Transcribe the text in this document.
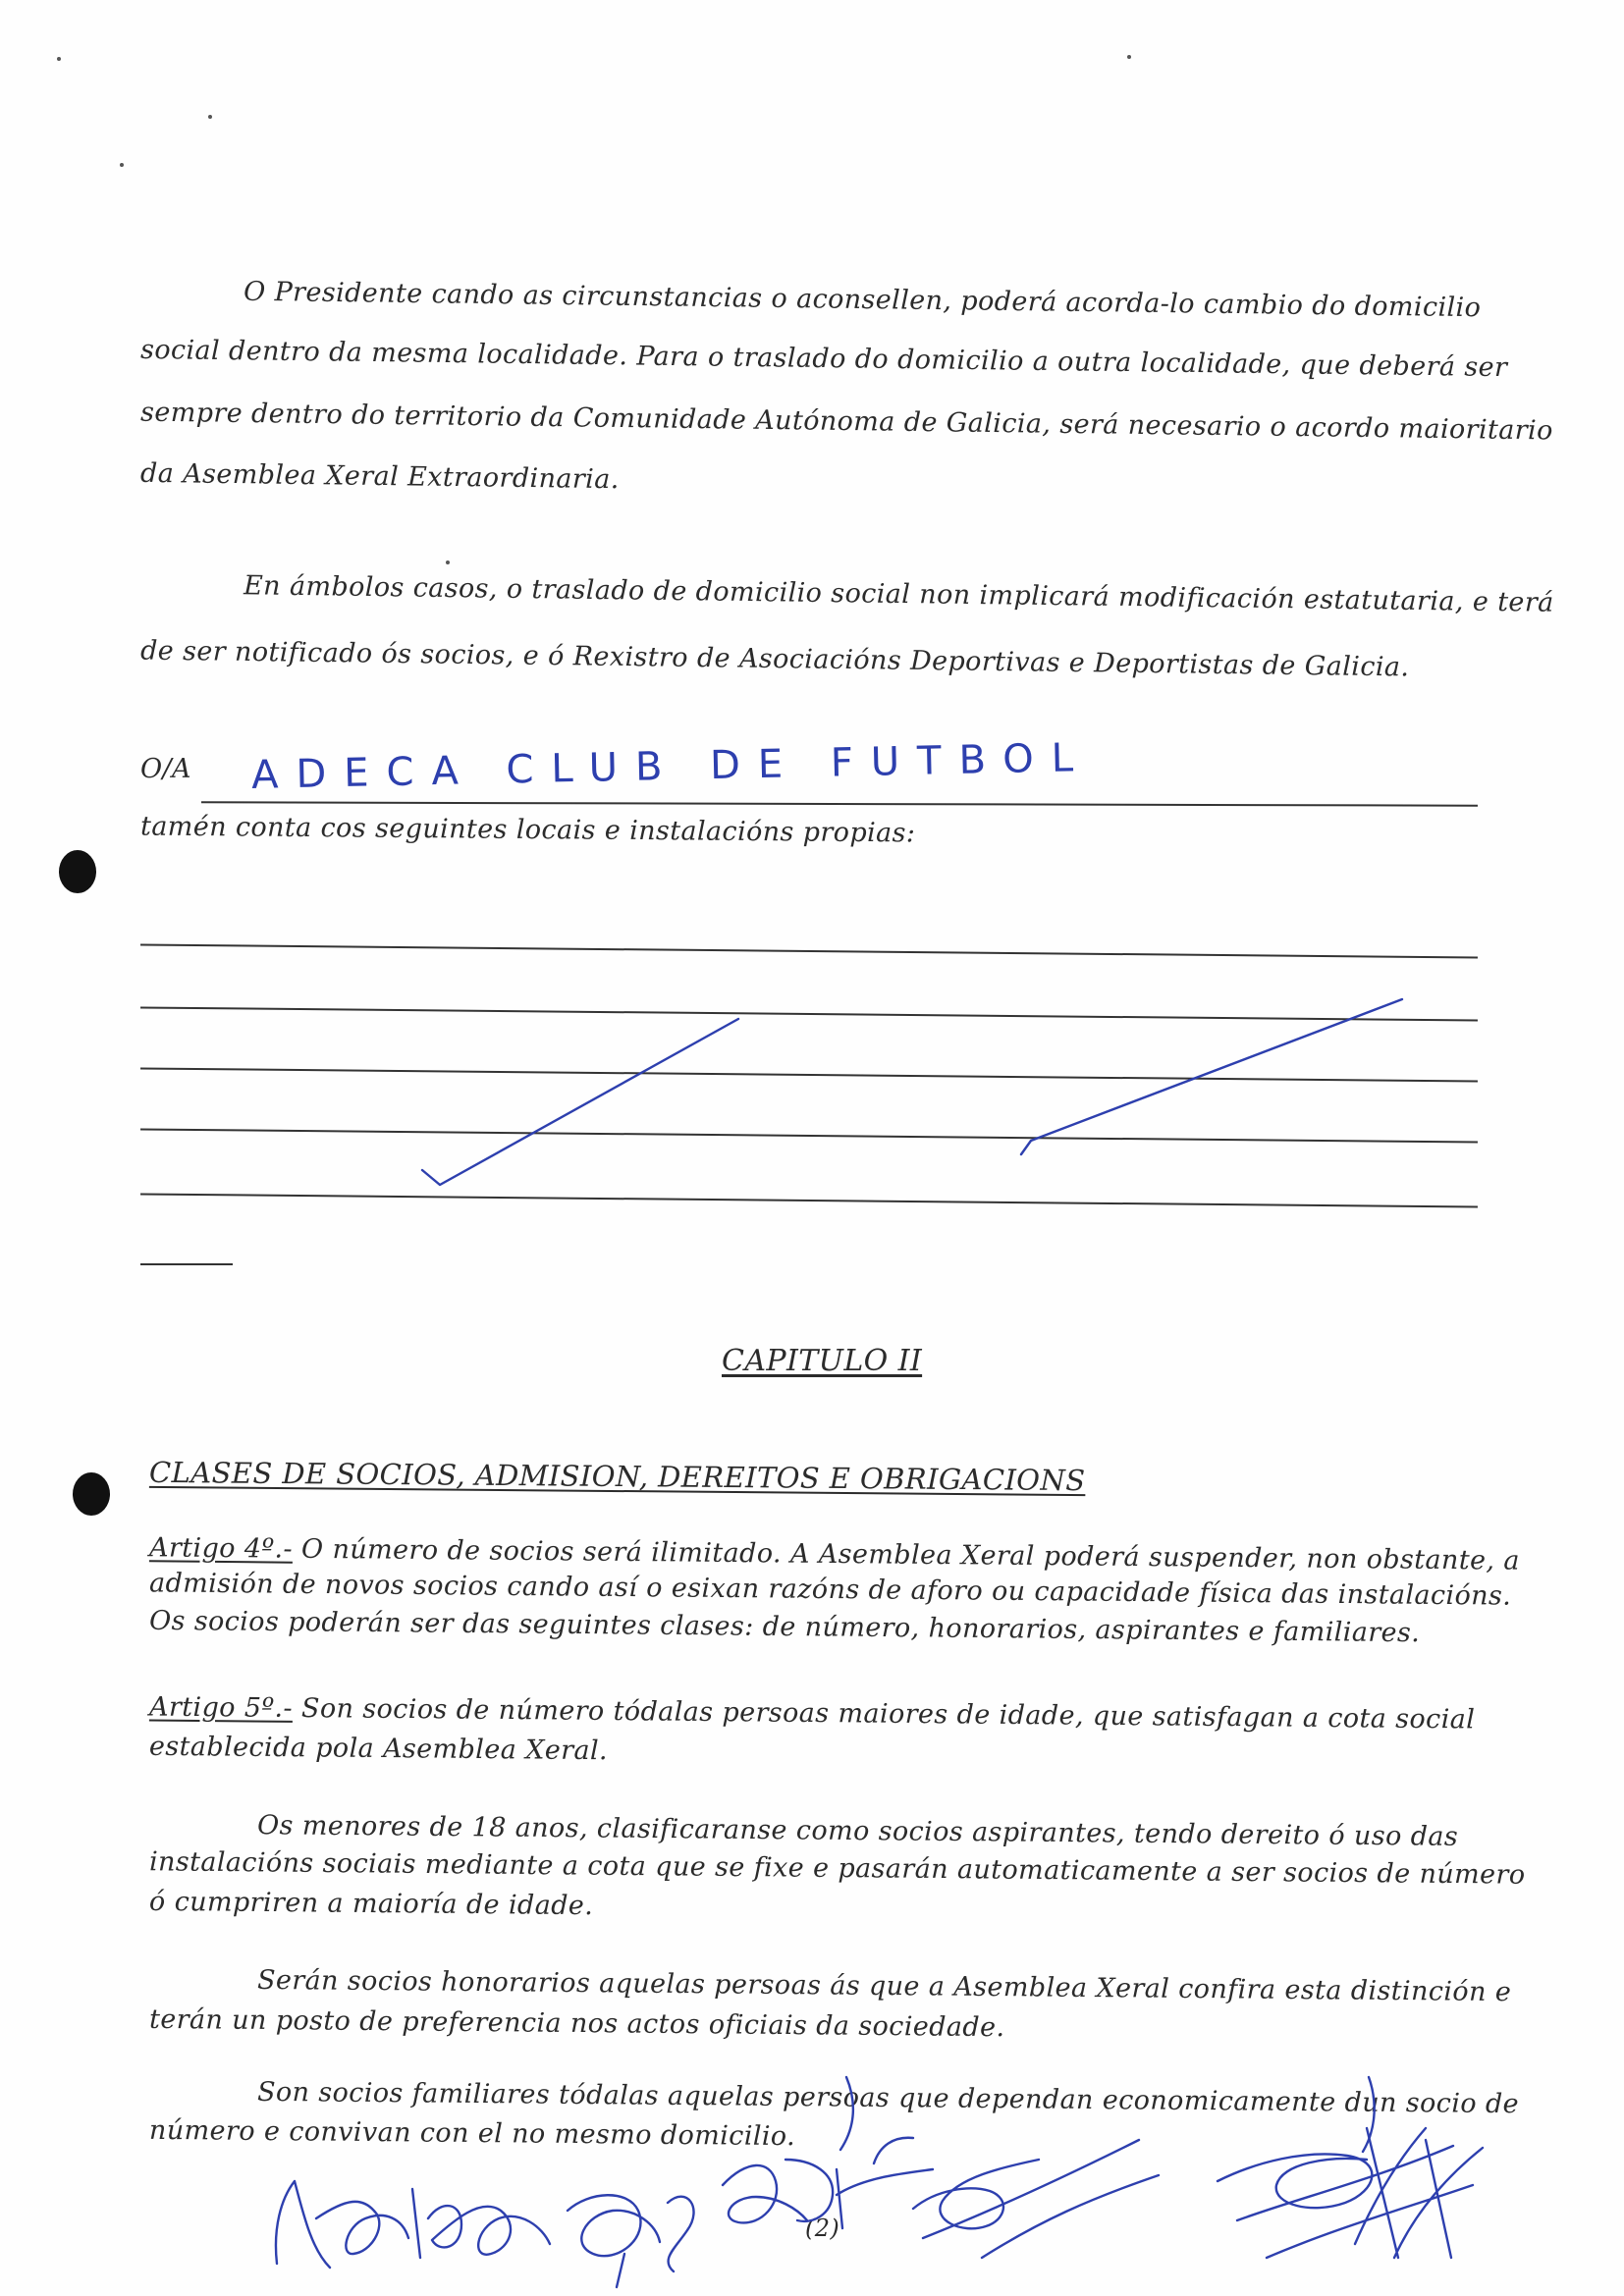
O Presidente cando as circunstancias o aconsellen, poderá acorda-lo cambio do domicilio
social dentro da mesma localidade. Para o traslado do domicilio a outra localidade, que deberá ser
sempre dentro do territorio da Comunidade Autónoma de Galicia, será necesario o acordo maioritario
da Asemblea Xeral Extraordinaria.
En ámbolos casos, o traslado de domicilio social non implicará modificación estatutaria, e terá
de ser notificado ós socios, e ó Rexistro de Asociacións Deportivas e Deportistas de Galicia.
O/A ADECA CLUB DE FUTBOL
tamén conta cos seguintes locais e instalacións propias:
CAPITULO II
CLASES DE SOCIOS, ADMISION, DEREITOS E OBRIGACIONS
Artigo 4º.- O número de socios será ilimitado. A Asemblea Xeral poderá suspender, non obstante, a
admisión de novos socios cando así o esixan razóns de aforo ou capacidade física das instalacións.
Os socios poderán ser das seguintes clases: de número, honorarios, aspirantes e familiares.
Artigo 5º.- Son socios de número tódalas persoas maiores de idade, que satisfagan a cota social
establecida pola Asemblea Xeral.
Os menores de 18 anos, clasificaranse como socios aspirantes, tendo dereito ó uso das
instalacións sociais mediante a cota que se fixe e pasarán automaticamente a ser socios de número
ó cumpriren a maioría de idade.
Serán socios honorarios aquelas persoas ás que a Asemblea Xeral confira esta distinción e
terán un posto de preferencia nos actos oficiais da sociedade.
Son socios familiares tódalas aquelas persoas que dependan economicamente dun socio de
número e convivan con el no mesmo domicilio.
(2)
